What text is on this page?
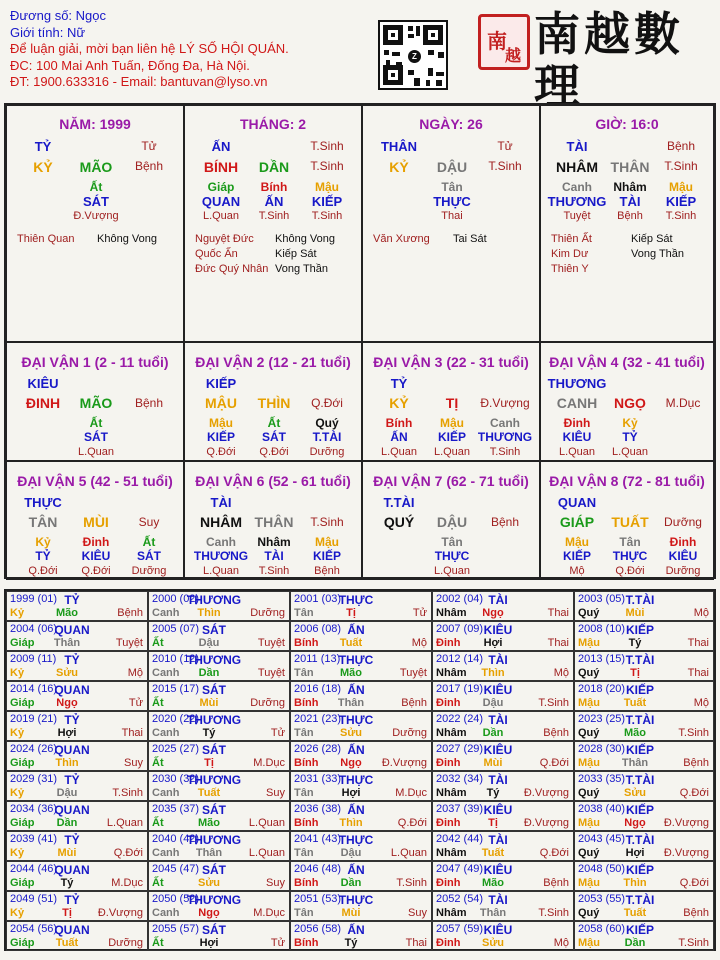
Đương số: Ngọc
Giới tính: Nữ
Để luận giải, mời bạn liên hệ LÝ SỐ HỘI QUÁN.
ĐC: 100 Mai Anh Tuấn, Đống Đa, Hà Nội.
ĐT: 1900.633316 - Email: bantuvan@lyso.vn
Z
南
越 南越數理
NĂM: 1999
TỶ	Tử
KỶ MÃO Bệnh
Ất
SÁT
Đ.Vượng
Thiên Quan Không Vong
THÁNG: 2
ẤN	T.Sinh
BÍNH DẦN T.Sinh
Giáp Bính Mậu
QUAN ẤN KIẾP
L.Quan T.Sinh T.Sinh
Nguyệt Đức Không Vong
Quốc Ấn	Kiếp Sát
Đức Quý Nhân Vong Thần
NGÀY: 26
THÂN	Tử
KỶ DẬU T.Sinh
Tân
THỰC
Thai
Văn Xương Tai Sát
GIỜ: 16:0
TÀI	Bệnh
NHÂM THÂN T.Sinh
Canh Nhâm Mậu
THƯƠNG TÀI KIẾP
Tuyệt Bệnh T.Sinh
Thiên Ất	Kiếp Sát
Kim Dư	Vong Thần
Thiên Y
ĐẠI VẬN 1 (2 - 11 tuổi)
KIÊU
ĐINH MÃO Bệnh
Ất
SÁT
L.Quan
ĐẠI VẬN 2 (12 - 21 tuổi)
KIẾP
MẬU THÌN Q.Đới
Mậu
KIẾP
Q.Đới
Ất
SÁT
Q.Đới
Quý
T.TÀI
Dưỡng
ĐẠI VẬN 3 (22 - 31 tuổi)
TỶ
KỶ	TỊ Đ.Vượng
Bính
ẤN
L.Quan
Mậu
KIẾP
L.Quan
Canh
THƯƠNG
T.Sinh
ĐẠI VẬN 4 (32 - 41 tuổi)
THƯƠNG
CANH NGỌ M.Dục
Đinh
KIÊU
L.Quan
Kỷ
TỶ
L.Quan
ĐẠI VẬN 5 (42 - 51 tuổi)
THỰC
TÂN MÙI Suy
Kỷ
TỶ
Q.Đới
Đinh
KIÊU
Q.Đới
Ất
SÁT
Dưỡng
ĐẠI VẬN 6 (52 - 61 tuổi)
TÀI
NHÂM THÂN T.Sinh
Canh
THƯƠNG
L.Quan
Nhâm
TÀI
T.Sinh
Mậu
KIẾP
Bệnh
ĐẠI VẬN 7 (62 - 71 tuổi)
T.TÀI
QUÝ DẬU Bệnh
Tân
THỰC
L.Quan
ĐẠI VẬN 8 (72 - 81 tuổi)
QUAN
GIÁP TUẤT Dưỡng
Mậu
KIẾP
Mộ
Tân
THỰC
Q.Đới
Đinh
KIÊU
Dưỡng
1999 (01) TỶ
Kỷ	Mão	Bệnh
2000 (02)
THƯƠNG
Canh Thìn	Dưỡng
2001 (03)
THỰC
Tân	Tị	Tử
2002 (04) TÀI
Nhâm Ngọ	Thai
2003 (05) T.TÀI
Quý Mùi	Mộ
2004 (06)
QUAN
Giáp Thân	Tuyệt
2005 (07) SÁT
Ất	Dậu	Tuyệt
2006 (08) ẤN
Bính Tuất	Mộ
2007 (09) KIÊU
Đinh Hợi	Thai
2008 (10) KIẾP
Mậu	Tý	Thai
2009 (11) TỶ
Kỷ	Sửu	Mộ
2010 (12)
THƯƠNG
Canh Dần	Tuyệt
2011 (13)
THỰC
Tân Mão	Tuyệt
2012 (14) TÀI
Nhâm Thìn	Mộ
2013 (15) T.TÀI
Quý	Tị	Thai
2014 (16)
QUAN
Giáp Ngọ	Tử
2015 (17) SÁT
Ất	Mùi	Dưỡng
2016 (18) ẤN
Bính Thân	Bệnh
2017 (19) KIÊU
Đinh Dậu	T.Sinh
2018 (20) KIẾP
Mậu Tuất	Mộ
2019 (21) TỶ
Kỷ	Hợi	Thai
2020 (22)
THƯƠNG
Canh Tý	Tử
2021 (23)
THỰC
Tân Sửu	Dưỡng
2022 (24) TÀI
Nhâm Dần	Bệnh
2023 (25) T.TÀI
Quý Mão	T.Sinh
2024 (26)
QUAN
Giáp Thìn	Suy
2025 (27) SÁT
Ất	Tị	M.Dục
2026 (28) ẤN
Bính Ngọ Đ.Vượng
2027 (29) KIÊU
Đinh Mùi	Q.Đới
2028 (30) KIẾP
Mậu Thân	Bệnh
2029 (31) TỶ
Kỷ	Dậu	T.Sinh
2030 (32)
THƯƠNG
Canh Tuất	Suy
2031 (33)
THỰC
Tân	Hợi	M.Dục
2032 (34) TÀI
Nhâm Tý Đ.Vượng
2033 (35) T.TÀI
Quý Sửu	Q.Đới
2034 (36)
QUAN
Giáp Dần	L.Quan
2035 (37) SÁT
Ất	Mão	L.Quan
2036 (38) ẤN
Bính Thìn	Q.Đới
2037 (39) KIÊU
Đinh	Tị Đ.Vượng
2038 (40) KIẾP
Mậu Ngọ Đ.Vượng
2039 (41) TỶ
Kỷ	Mùi	Q.Đới
2040 (42)
THƯƠNG
Canh Thân L.Quan
2041 (43)
THỰC
Tân Dậu	L.Quan
2042 (44) TÀI
Nhâm Tuất	Q.Đới
2043 (45) T.TÀI
Quý Hợi Đ.Vượng
2044 (46)
QUAN
Giáp Tý	M.Dục
2045 (47) SÁT
Ất	Sửu	Suy
2046 (48) ẤN
Bính Dần	T.Sinh
2047 (49) KIÊU
Đinh Mão	Bệnh
2048 (50) KIẾP
Mậu Thìn	Q.Đới
2049 (51) TỶ
Kỷ	Tị Đ.Vượng
2050 (52)
THƯƠNG
Canh Ngọ	M.Dục
2051 (53)
THỰC
Tân	Mùi	Suy
2052 (54) TÀI
Nhâm Thân	T.Sinh
2053 (55) T.TÀI
Quý Tuất	Bệnh
2054 (56)
QUAN
Giáp Tuất	Dưỡng
2055 (57) SÁT
Ất	Hợi	Tử
2056 (58) ẤN
Bính Tý	Thai
2057 (59) KIÊU
Đinh Sửu	Mộ
2058 (60) KIẾP
Mậu Dần	T.Sinh
